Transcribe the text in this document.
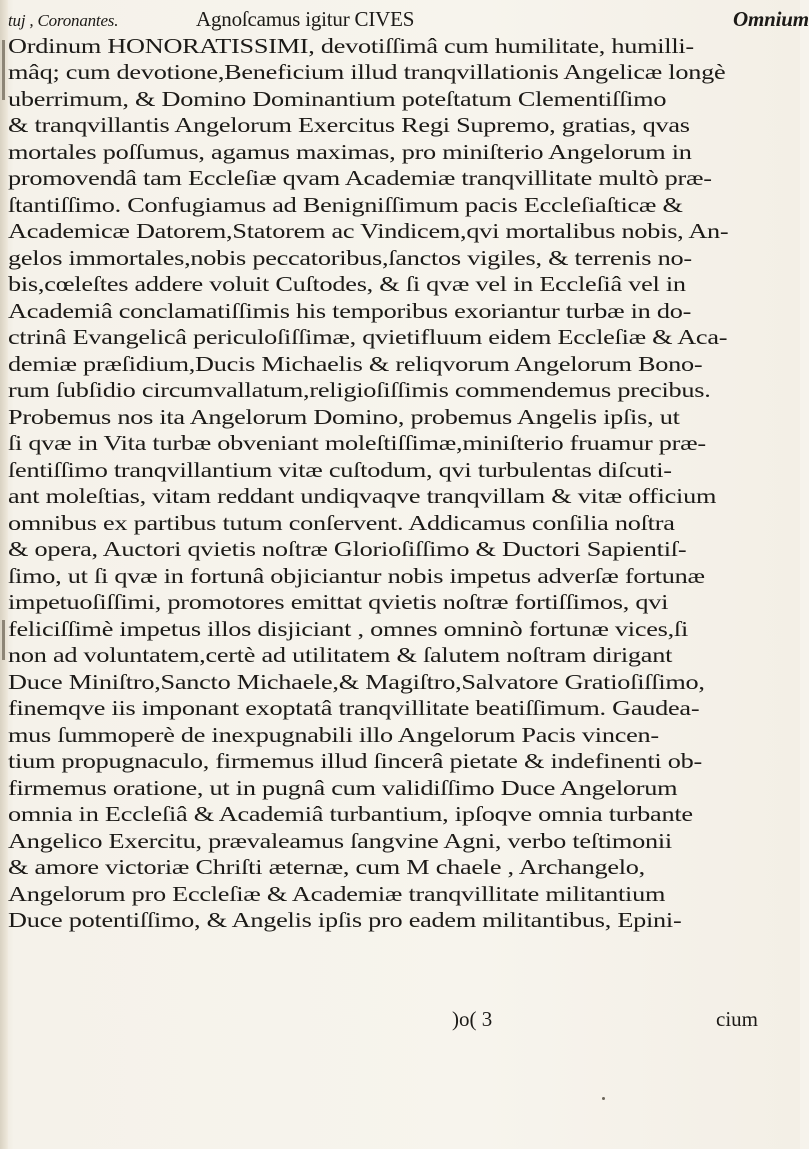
tuj , Coronantes.	Agnoſcamus igitur CIVES	Omnium
Ordinum HONORATISSIMI, devotiſſimâ cum humilitate, humilli-
mâq; cum devotione,Beneficium illud tranqvillationis Angelicæ longè
uberrimum, & Domino Dominantium poteſtatum Clementiſſimo
& tranqvillantis Angelorum Exercitus Regi Supremo, gratias, qvas
mortales poſſumus, agamus maximas, pro miniſterio Angelorum in
promovendâ tam Eccleſiæ qvam Academiæ tranqvillitate multò præ-
ſtantiſſimo. Confugiamus ad Benigniſſimum pacis Eccleſiaſticæ &
Academicæ Datorem,Statorem ac Vindicem,qvi mortalibus nobis, An-
gelos immortales,nobis peccatoribus,ſanctos vigiles, & terrenis no-
bis,cœleſtes addere voluit Cuſtodes, & ſi qvæ vel in Eccleſiâ vel in
Academiâ conclamatiſſimis his temporibus exoriantur turbæ in do-
ctrinâ Evangelicâ periculoſiſſimæ, qvietifluum eidem Eccleſiæ & Aca-
demiæ præſidium,Ducis Michaelis & reliqvorum Angelorum Bono-
rum ſubſidio circumvallatum,religioſiſſimis commendemus precibus.
Probemus nos ita Angelorum Domino, probemus Angelis ipſis, ut
ſi qvæ in Vita turbæ obveniant moleſtiſſimæ,miniſterio fruamur præ-
ſentiſſimo tranqvillantium vitæ cuſtodum, qvi turbulentas diſcuti-
ant moleſtias, vitam reddant undiqvaqve tranqvillam & vitæ officium
omnibus ex partibus tutum conſervent. Addicamus conſilia noſtra
& opera, Auctori qvietis noſtræ Glorioſiſſimo & Ductori Sapientiſ-
ſimo, ut ſi qvæ in fortunâ objiciantur nobis impetus adverſæ fortunæ
impetuoſiſſimi, promotores emittat qvietis noſtræ fortiſſimos, qvi
feliciſſimè impetus illos disjiciant , omnes omninò fortunæ vices,ſi
non ad voluntatem,certè ad utilitatem & ſalutem noſtram dirigant
Duce Miniſtro,Sancto Michaele,& Magiſtro,Salvatore Gratioſiſſimo,
finemqve iis imponant exoptatâ tranqvillitate beatiſſimum. Gaudea-
mus ſummoperè de inexpugnabili illo Angelorum Pacis vincen-
tium propugnaculo, firmemus illud ſincerâ pietate & indefinenti ob-
firmemus oratione, ut in pugnâ cum validiſſimo Duce Angelorum
omnia in Eccleſiâ & Academiâ turbantium, ipſoqve omnia turbante
Angelico Exercitu, prævaleamus ſangvine Agni, verbo teſtimonii
& amore victoriæ Chriſti æternæ, cum M chaele , Archangelo,
Angelorum pro Eccleſiæ & Academiæ tranqvillitate militantium
Duce potentiſſimo, & Angelis ipſis pro eadem militantibus, Epini-
)o( 3	cium
